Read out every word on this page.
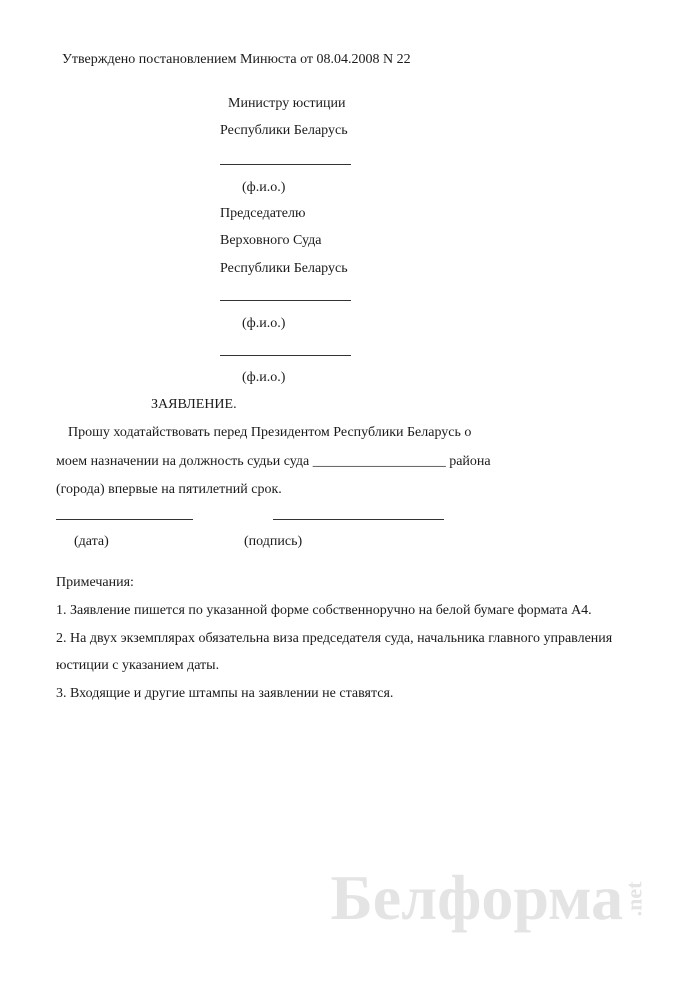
Утверждено постановлением Минюста от 08.04.2008 N 22
Министру юстиции
Республики Беларусь
(ф.и.о.)
Председателю
Верховного Суда
Республики Беларусь
(ф.и.о.)
(ф.и.о.)
ЗАЯВЛЕНИЕ.
Прошу ходатайствовать перед Президентом Республики Беларусь о
моем назначении на должность судьи суда ___________________ района
(города) впервые на пятилетний срок.
(дата)	(подпись)
Примечания:
1. Заявление пишется по указанной форме собственноручно на белой бумаге формата А4.
2. На двух экземплярах обязательна виза председателя суда, начальника главного управления
юстиции с указанием даты.
3. Входящие и другие штампы на заявлении не ставятся.
Белформа
.net
